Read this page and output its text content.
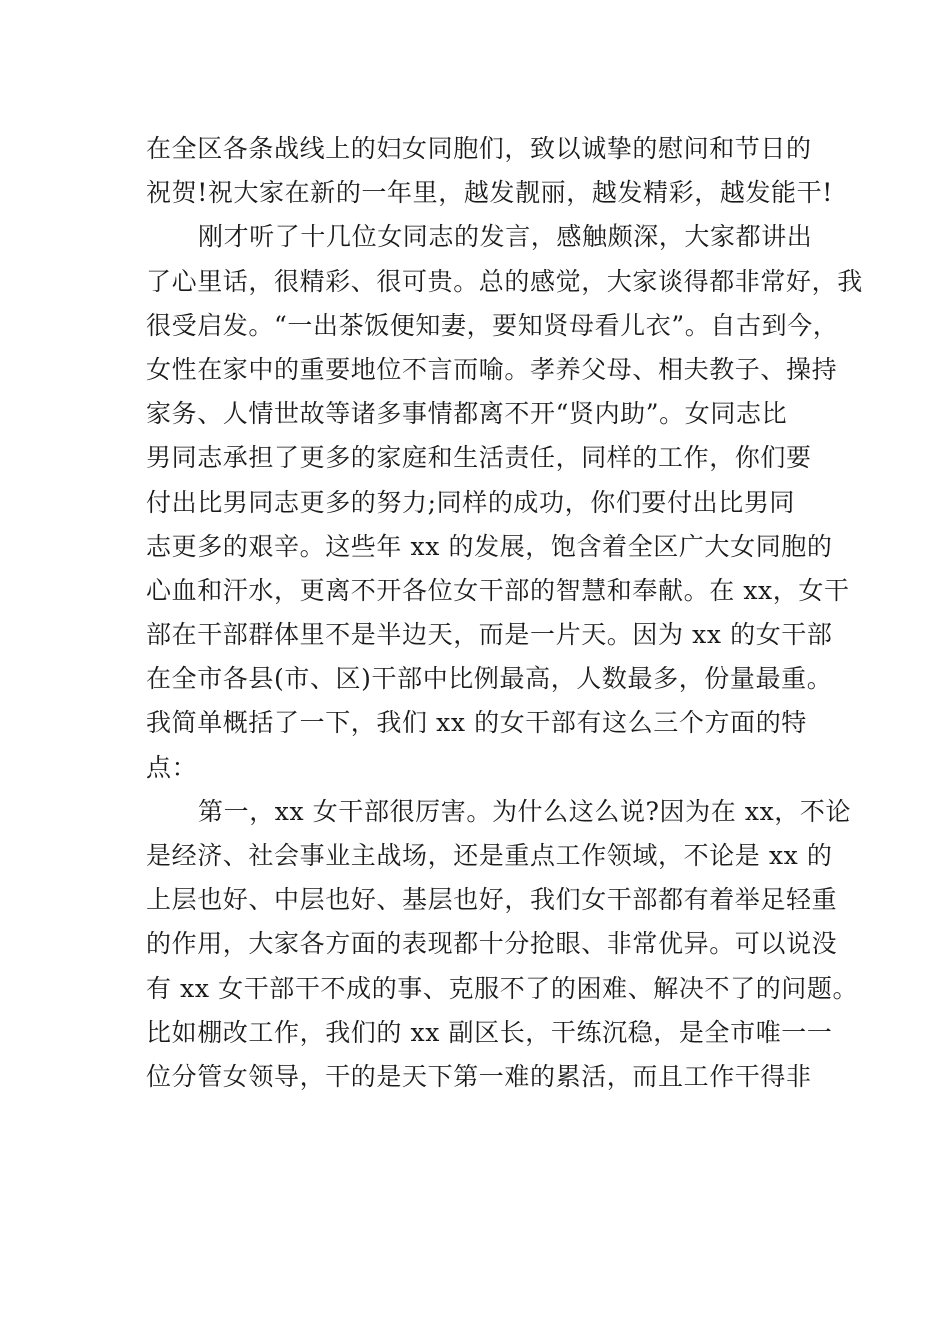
在全区各条战线上的妇女同胞们，致以诚挚的慰问和节日的
祝贺!祝大家在新的一年里，越发靓丽，越发精彩，越发能干!
刚才听了十几位女同志的发言，感触颇深，大家都讲出
了心里话，很精彩、很可贵。总的感觉，大家谈得都非常好，我
很受启发。“一出茶饭便知妻，要知贤母看儿衣”。自古到今，
女性在家中的重要地位不言而喻。孝养父母、相夫教子、操持
家务、人情世故等诸多事情都离不开“贤内助”。女同志比
男同志承担了更多的家庭和生活责任，同样的工作，你们要
付出比男同志更多的努力;同样的成功，你们要付出比男同
志更多的艰辛。这些年 xx 的发展，饱含着全区广大女同胞的
心血和汗水，更离不开各位女干部的智慧和奉献。在 xx，女干
部在干部群体里不是半边天，而是一片天。因为 xx 的女干部
在全市各县(市、区)干部中比例最高，人数最多，份量最重。
我简单概括了一下，我们 xx 的女干部有这么三个方面的特
点：
第一，xx 女干部很厉害。为什么这么说?因为在 xx，不论
是经济、社会事业主战场，还是重点工作领域，不论是 xx 的
上层也好、中层也好、基层也好，我们女干部都有着举足轻重
的作用，大家各方面的表现都十分抢眼、非常优异。可以说没
有 xx 女干部干不成的事、克服不了的困难、解决不了的问题。
比如棚改工作，我们的 xx 副区长，干练沉稳，是全市唯一一
位分管女领导，干的是天下第一难的累活，而且工作干得非
